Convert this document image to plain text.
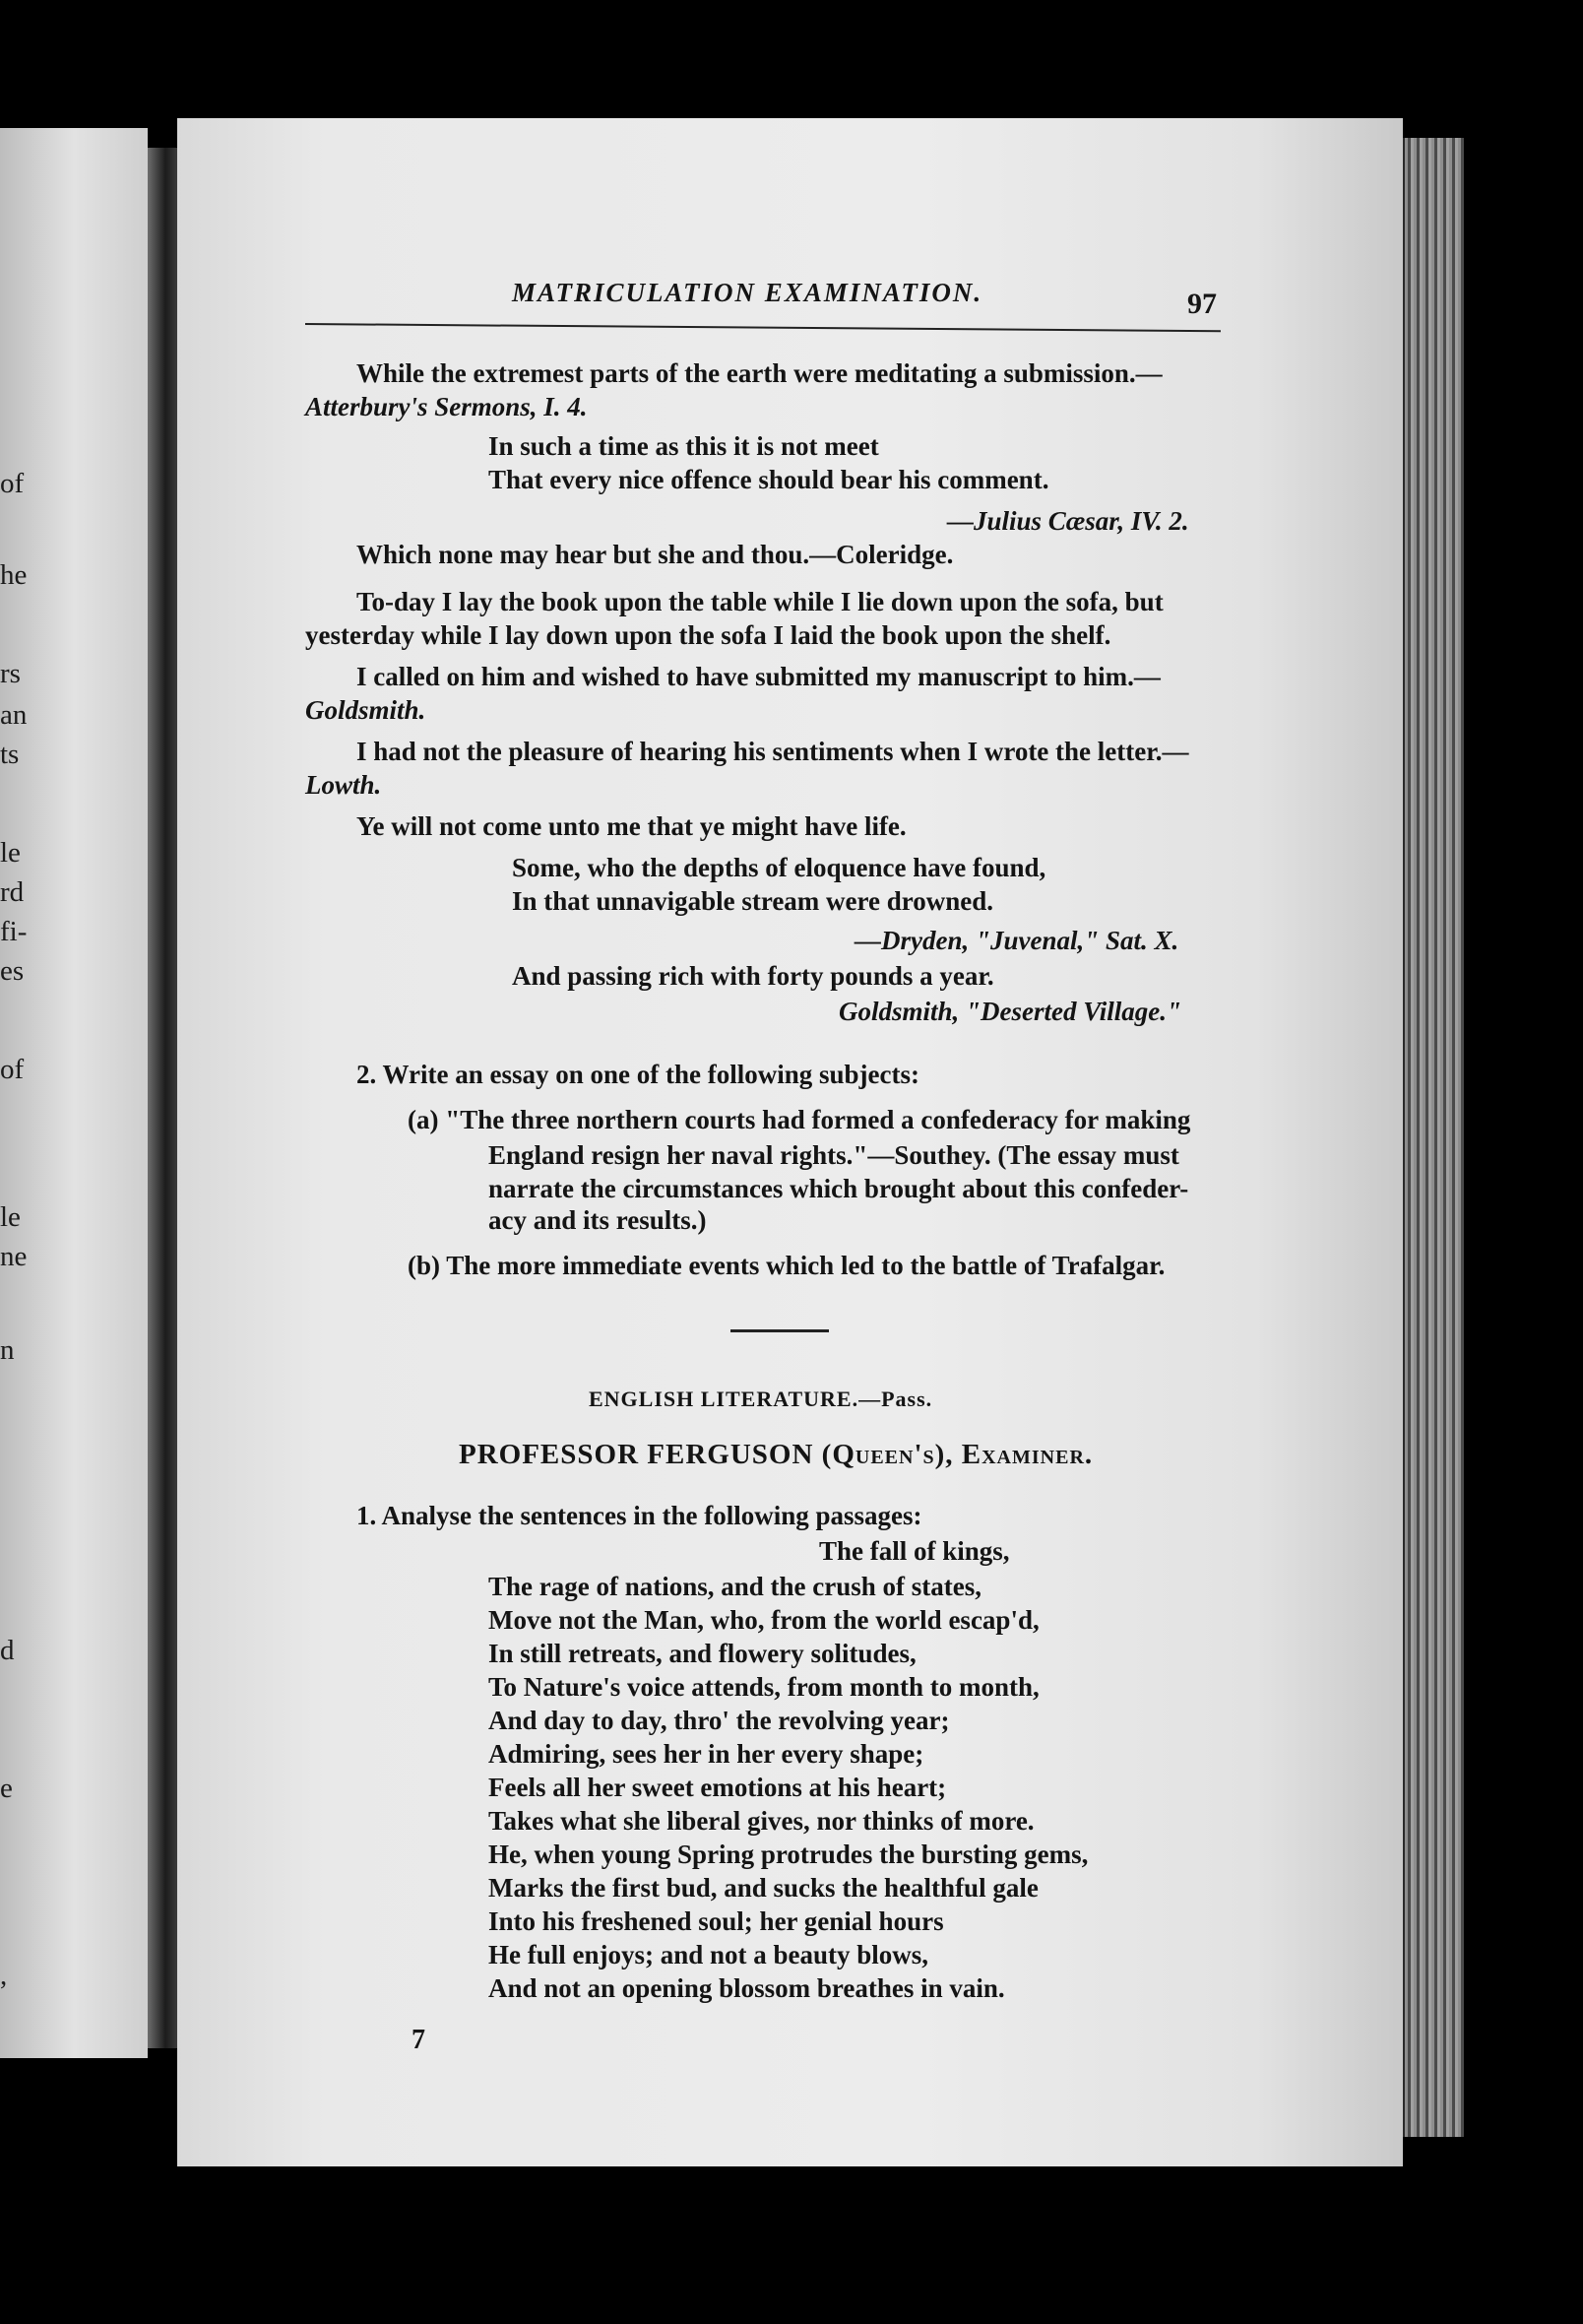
of
he
rs
an
ts
le
rd
fi-
es
of
le
ne
n
d
e
,
MATRICULATION EXAMINATION.	97
While the extremest parts of the earth were meditating a submission.—
Atterbury's Sermons, I. 4.
In such a time as this it is not meet
That every nice offence should bear his comment.
—Julius Cæsar, IV. 2.
Which none may hear but she and thou.—Coleridge.
To-day I lay the book upon the table while I lie down upon the sofa, but
yesterday while I lay down upon the sofa I laid the book upon the shelf.
I called on him and wished to have submitted my manuscript to him.—
Goldsmith.
I had not the pleasure of hearing his sentiments when I wrote the letter.—
Lowth.
Ye will not come unto me that ye might have life.
Some, who the depths of eloquence have found,
In that unnavigable stream were drowned.
—Dryden, "Juvenal," Sat. X.
And passing rich with forty pounds a year.
Goldsmith, "Deserted Village."
2. Write an essay on one of the following subjects:
(a) "The three northern courts had formed a confederacy for making
England resign her naval rights."—Southey. (The essay must
narrate the circumstances which brought about this confeder-
acy and its results.)
(b) The more immediate events which led to the battle of Trafalgar.
ENGLISH LITERATURE.—Pass.
PROFESSOR FERGUSON (Queen's), Examiner.
1. Analyse the sentences in the following passages:
The fall of kings,
The rage of nations, and the crush of states,
Move not the Man, who, from the world escap'd,
In still retreats, and flowery solitudes,
To Nature's voice attends, from month to month,
And day to day, thro' the revolving year;
Admiring, sees her in her every shape;
Feels all her sweet emotions at his heart;
Takes what she liberal gives, nor thinks of more.
He, when young Spring protrudes the bursting gems,
Marks the first bud, and sucks the healthful gale
Into his freshened soul; her genial hours
He full enjoys; and not a beauty blows,
And not an opening blossom breathes in vain.
7
